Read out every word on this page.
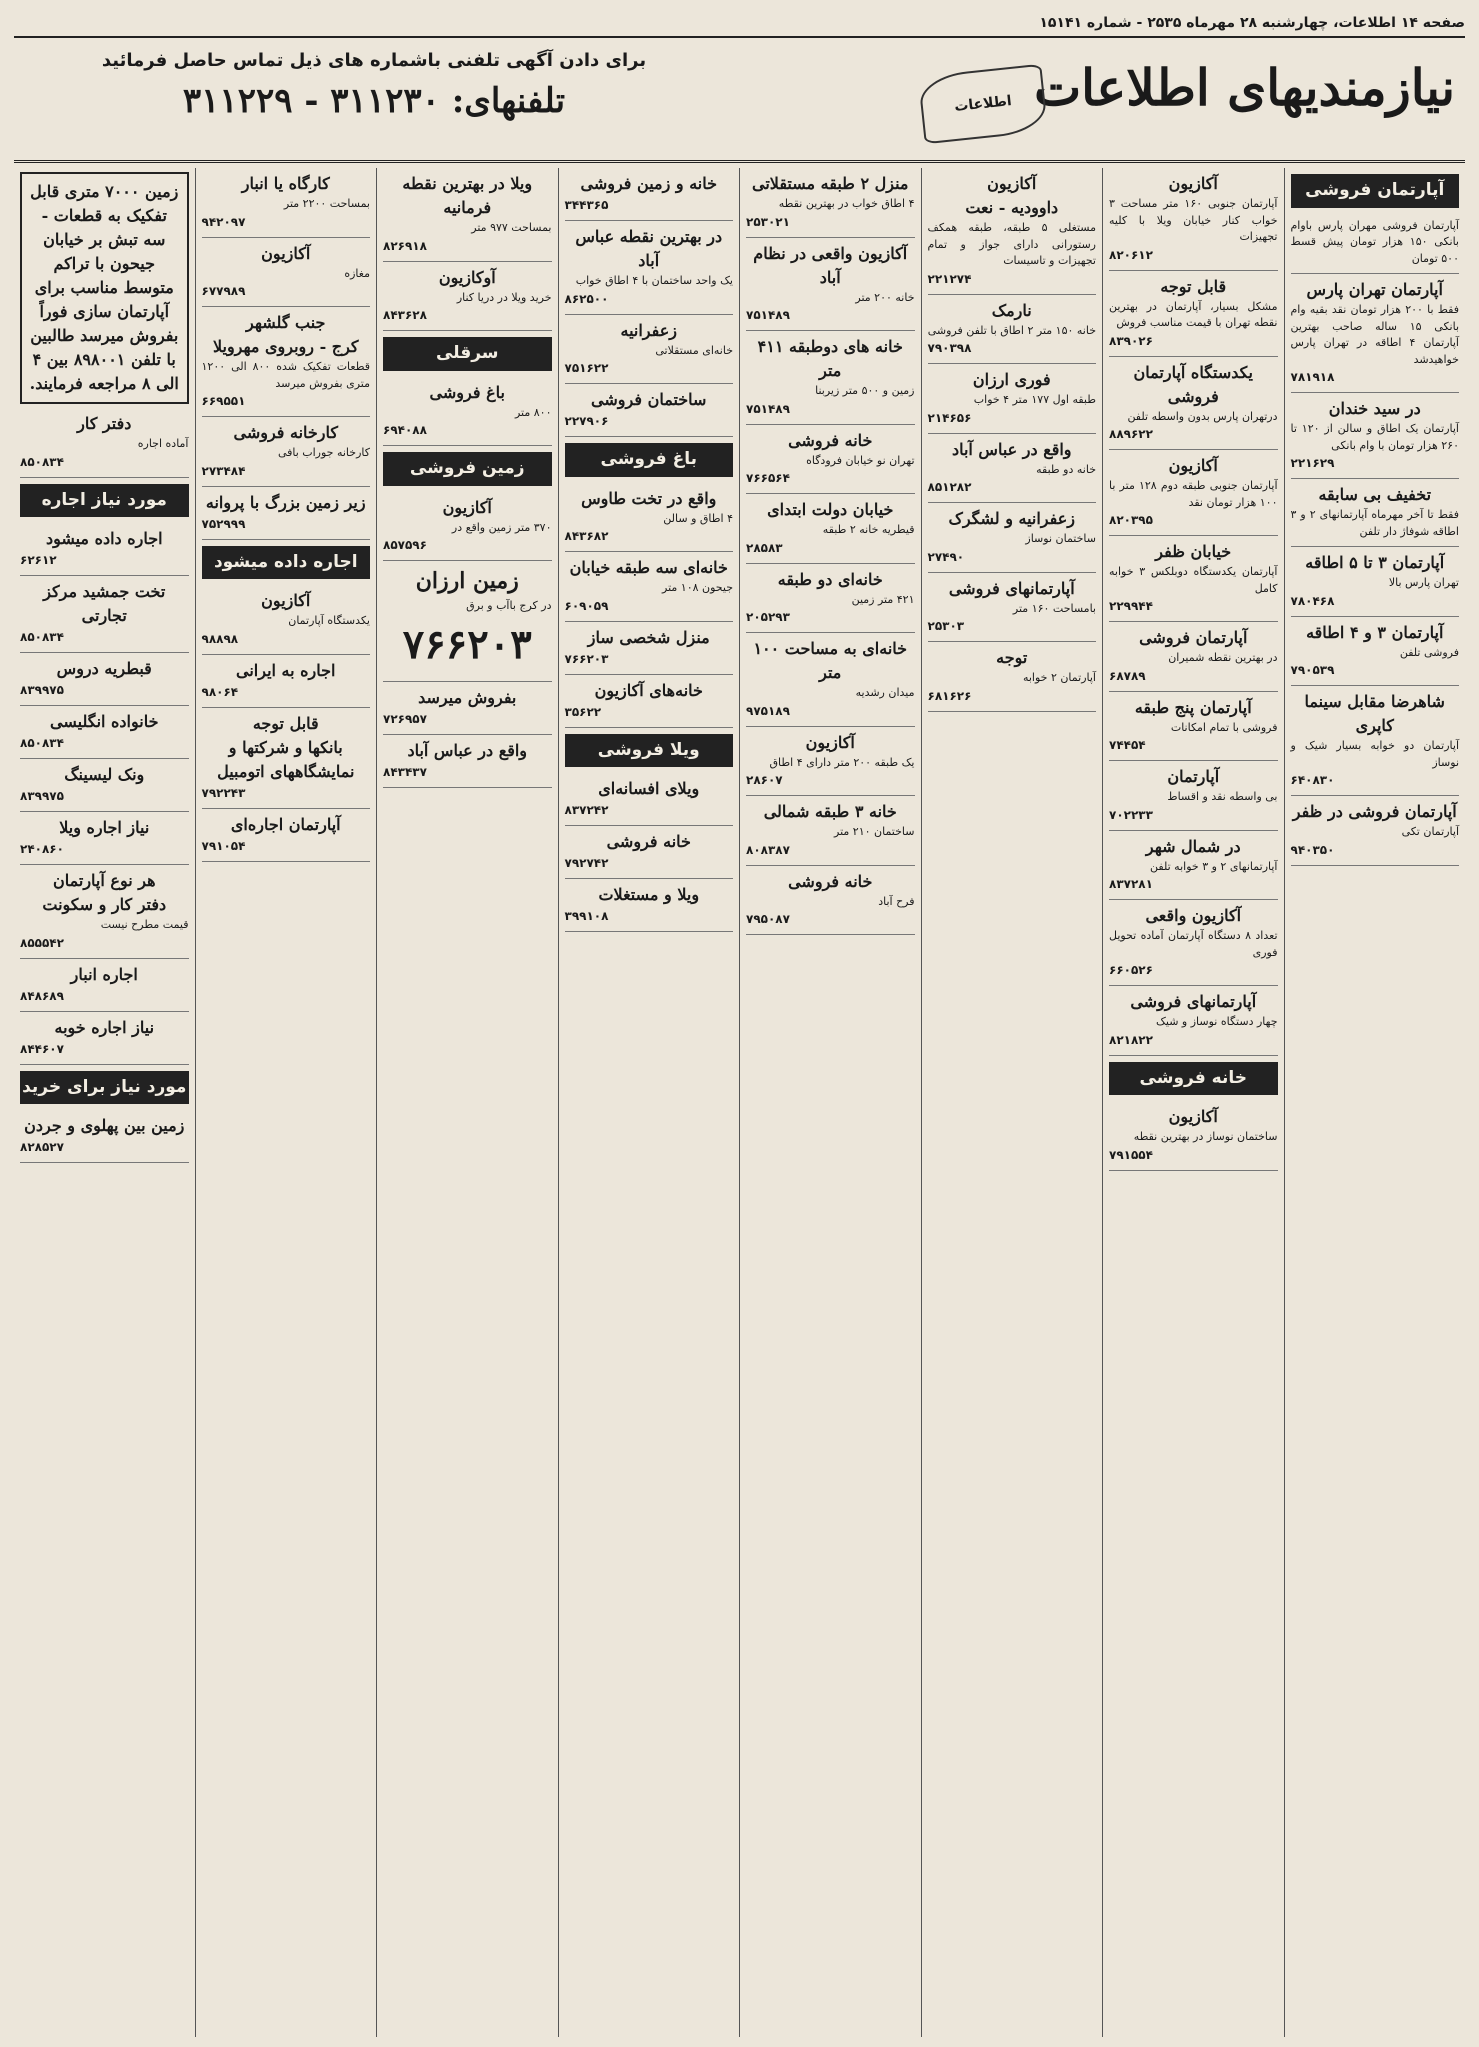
صفحه ۱۴ اطلاعات، چهارشنبه ۲۸ مهرماه ۲۵۳۵ - شماره ۱۵۱۴۱
نیازمندیهای اطلاعات
اطلاعات
برای دادن آگهی تلفنی باشماره های ذیل تماس حاصل فرمائید
تلفنهای: ۳۱۱۲۳۰ - ۳۱۱۲۲۹
آپارتمان فروشی
آپارتمان فروشی مهران پارس باوام بانکی ۱۵۰ هزار تومان پیش قسط ۵۰۰ تومان
آپارتمان تهران پارس
فقط با ۲۰۰ هزار تومان نقد بقیه وام بانکی ۱۵ ساله صاحب بهترین آپارتمان ۴ اطاقه در تهران پارس خواهیدشد
۷۸۱۹۱۸
در سید خندان
آپارتمان یک اطاق و سالن از ۱۲۰ تا ۲۶۰ هزار تومان با وام بانکی
۲۲۱۶۲۹
تخفیف بی سابقه
فقط تا آخر مهرماه آپارتمانهای ۲ و ۳ اطاقه شوفاژ دار تلفن
آپارتمان ۳ تا ۵ اطاقه
تهران پارس بالا
۷۸۰۴۶۸
آپارتمان ۳ و ۴ اطاقه
فروشی تلفن
۷۹۰۵۳۹
شاهرضا مقابل سینما کاپری
آپارتمان دو خوابه بسیار شیک و نوساز
۶۴۰۸۳۰
آپارتمان فروشی در ظفر
آپارتمان تکی
۹۴۰۳۵۰
آکازیون
آپارتمان جنوبی ۱۶۰ متر مساحت ۳ خواب کنار خیابان ویلا با کلیه تجهیزات
۸۲۰۶۱۲
قابل توجه
مشکل بسیار، آپارتمان در بهترین نقطه تهران با قیمت مناسب فروش
۸۳۹۰۲۶
یکدستگاه آپارتمان فروشی
درتهران پارس بدون واسطه تلفن
۸۸۹۶۲۲
آکازیون
آپارتمان جنوبی طبقه دوم ۱۲۸ متر با ۱۰۰ هزار تومان نقد
۸۲۰۳۹۵
خیابان ظفر
آپارتمان یکدستگاه دوبلکس ۳ خوابه کامل
۲۲۹۹۴۴
آپارتمان فروشی
در بهترین نقطه شمیران
۶۸۷۸۹
آپارتمان پنج طبقه
فروشی با تمام امکانات
۷۴۴۵۴
آپارتمان
بی واسطه نقد و اقساط
۷۰۲۲۳۳
در شمال شهر
آپارتمانهای ۲ و ۳ خوابه تلفن
۸۳۷۲۸۱
آکازیون واقعی
تعداد ۸ دستگاه آپارتمان آماده تحویل فوری
۶۶۰۵۲۶
آپارتمانهای فروشی
چهار دستگاه نوساز و شیک
۸۲۱۸۲۲
خانه فروشی
آکازیون
ساختمان نوساز در بهترین نقطه
۷۹۱۵۵۴
آکازیون
داوودیه - نعت
مستغلی ۵ طبقه، طبقه همکف رستورانی دارای جواز و تمام تجهیزات و تاسیسات
۲۲۱۲۷۴
نارمک
خانه ۱۵۰ متر ۲ اطاق با تلفن فروشی
۷۹۰۳۹۸
فوری ارزان
طبقه اول ۱۷۷ متر ۴ خواب
۲۱۴۶۵۶
واقع در عباس آباد
خانه دو طبقه
۸۵۱۲۸۲
زعفرانیه و لشگرک
ساختمان نوساز
۲۷۴۹۰
آپارتمانهای فروشی
بامساحت ۱۶۰ متر
۲۵۳۰۳
توجه
آپارتمان ۲ خوابه
۶۸۱۶۲۶
منزل ۲ طبقه مستقلاتی
۴ اطاق خواب در بهترین نقطه
۲۵۳۰۲۱
آکازیون واقعی در نظام آباد
خانه ۲۰۰ متر
۷۵۱۴۸۹
خانه های دوطبقه ۴۱۱ متر
زمین و ۵۰۰ متر زیربنا
۷۵۱۴۸۹
خانه فروشی
تهران نو خیابان فرودگاه
۷۶۶۵۶۴
خیابان دولت ابتدای
قیطریه خانه ۲ طبقه
۲۸۵۸۳
خانه‌ای دو طبقه
۴۲۱ متر زمین
۲۰۵۲۹۳
خانه‌ای به مساحت ۱۰۰ متر
میدان رشدیه
۹۷۵۱۸۹
آکازیون
یک طبقه ۲۰۰ متر دارای ۴ اطاق
۲۸۶۰۷
خانه ۳ طبقه شمالی
ساختمان ۲۱۰ متر
۸۰۸۳۸۷
خانه فروشی
فرح آباد
۷۹۵۰۸۷
خانه و زمین فروشی
۳۴۴۳۶۵
در بهترین نقطه عباس آباد
یک واحد ساختمان با ۴ اطاق خواب
۸۶۲۵۰۰
زعفرانیه
خانه‌ای مستقلاتی
۷۵۱۶۲۲
ساختمان فروشی
۲۲۷۹۰۶
باغ فروشی
واقع در تخت طاوس
۴ اطاق و سالن
۸۴۳۶۸۲
خانه‌ای سه طبقه خیابان
جیحون ۱۰۸ متر
۶۰۹۰۵۹
منزل شخصی ساز
۷۶۶۲۰۳
خانه‌های آکازیون
۳۵۶۲۲
ویلا فروشی
ویلای افسانه‌ای
۸۳۷۲۴۲
خانه فروشی
۷۹۲۷۴۲
ویلا و مستغلات
۳۹۹۱۰۸
ویلا در بهترین نقطه فرمانیه
بمساحت ۹۷۷ متر
۸۲۶۹۱۸
آوکازیون
خرید ویلا در دریا کنار
۸۴۳۶۲۸
سرقلی
باغ فروشی
۸۰۰ متر
۶۹۴۰۸۸
زمین فروشی
آکازیون
۳۷۰ متر زمین واقع در
۸۵۷۵۹۶
زمین ارزان
در کرج باآب و برق
۷۶۶۲۰۳
بفروش میرسد
۷۲۶۹۵۷
واقع در عباس آباد
۸۴۳۴۳۷
کارگاه یا انبار
بمساحت ۲۲۰۰ متر
۹۴۲۰۹۷
آکازیون
مغازه
۶۷۷۹۸۹
جنب گلشهر
کرج - روبروی مهرویلا
قطعات تفکیک شده ۸۰۰ الی ۱۲۰۰ متری بفروش میرسد
۶۶۹۵۵۱
کارخانه فروشی
کارخانه جوراب بافی
۲۷۳۴۸۴
زیر زمین بزرگ با پروانه
۷۵۲۹۹۹
اجاره داده میشود
آکازیون
یکدستگاه آپارتمان
۹۸۸۹۸
اجاره به ایرانی
۹۸۰۶۴
قابل توجه
بانکها و شرکتها و نمایشگاههای اتومبیل
۷۹۲۲۴۳
آپارتمان اجاره‌ای
۷۹۱۰۵۴
زمین ۷۰۰۰ متری قابل تفکیک به قطعات - سه تبش بر خیابان جیحون با تراکم متوسط مناسب برای آپارتمان سازی فوراً بفروش میرسد طالبین با تلفن ۸۹۸۰۰۱ بین ۴ الی ۸ مراجعه فرمایند.
دفتر کار
آماده اجاره
۸۵۰۸۳۴
مورد نیاز اجاره
اجاره داده میشود
۶۲۶۱۲
تخت جمشید مرکز تجارتی
۸۵۰۸۳۴
قبطریه دروس
۸۳۹۹۷۵
خانواده انگلیسی
۸۵۰۸۳۴
ونک لیسینگ
۸۳۹۹۷۵
نیاز اجاره ویلا
۲۴۰۸۶۰
هر نوع آپارتمان
دفتر کار و سکونت
قیمت مطرح نیست
۸۵۵۵۴۲
اجاره انبار
۸۴۸۶۸۹
نیاز اجاره خوبه
۸۴۴۶۰۷
مورد نیاز برای خرید
زمین بین پهلوی و جردن
۸۲۸۵۲۷
